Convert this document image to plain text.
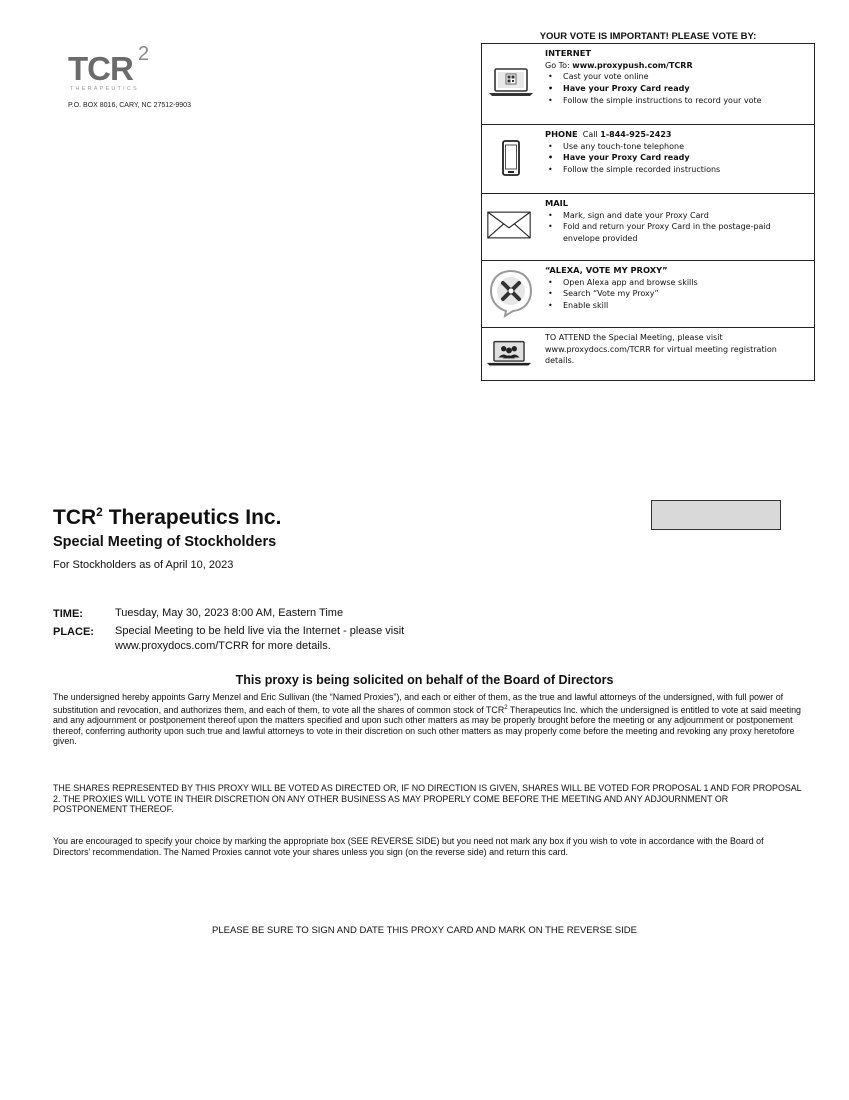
TCR 2
THERAPEUTICS
P.O. BOX 8016, CARY, NC 27512-9903
YOUR VOTE IS IMPORTANT! PLEASE VOTE BY:
INTERNET
Go To: www.proxypush.com/TCRR
• Cast your vote online
• Have your Proxy Card ready
• Follow the simple instructions to record your vote
PHONE Call 1-844-925-2423
• Use any touch-tone telephone
• Have your Proxy Card ready
• Follow the simple recorded instructions
MAIL
• Mark, sign and date your Proxy Card
• Fold and return your Proxy Card in the postage-paid envelope provided
“ALEXA, VOTE MY PROXY”
• Open Alexa app and browse skills
• Search “Vote my Proxy”
• Enable skill
TO ATTEND the Special Meeting, please visit www.proxydocs.com/TCRR for virtual meeting registration details.
TCR$^2$ Therapeutics Inc.
Special Meeting of Stockholders
For Stockholders as of April 10, 2023
TIME:	Tuesday, May 30, 2023 8:00 AM, Eastern Time
PLACE: Special Meeting to be held live via the Internet - please visit
www.proxydocs.com/TCRR for more details.
This proxy is being solicited on behalf of the Board of Directors
The undersigned hereby appoints Garry Menzel and Eric Sullivan (the “Named Proxies”), and each or either of them, as the true and lawful attorneys of the undersigned, with full power of substitution and revocation, and authorizes them, and each of them, to vote all the shares of common stock of TCR$^2$ Therapeutics Inc. which the undersigned is entitled to vote at said meeting and any adjournment or postponement thereof upon the matters specified and upon such other matters as may be properly brought before the meeting or any adjournment or postponement thereof, conferring authority upon such true and lawful attorneys to vote in their discretion on such other matters as may properly come before the meeting and revoking any proxy heretofore given.
THE SHARES REPRESENTED BY THIS PROXY WILL BE VOTED AS DIRECTED OR, IF NO DIRECTION IS GIVEN, SHARES WILL BE VOTED FOR PROPOSAL 1 AND FOR PROPOSAL 2. THE PROXIES WILL VOTE IN THEIR DISCRETION ON ANY OTHER BUSINESS AS MAY PROPERLY COME BEFORE THE MEETING AND ANY ADJOURNMENT OR POSTPONEMENT THEREOF.
You are encouraged to specify your choice by marking the appropriate box (SEE REVERSE SIDE) but you need not mark any box if you wish to vote in accordance with the Board of Directors’ recommendation. The Named Proxies cannot vote your shares unless you sign (on the reverse side) and return this card.
PLEASE BE SURE TO SIGN AND DATE THIS PROXY CARD AND MARK ON THE REVERSE SIDE
